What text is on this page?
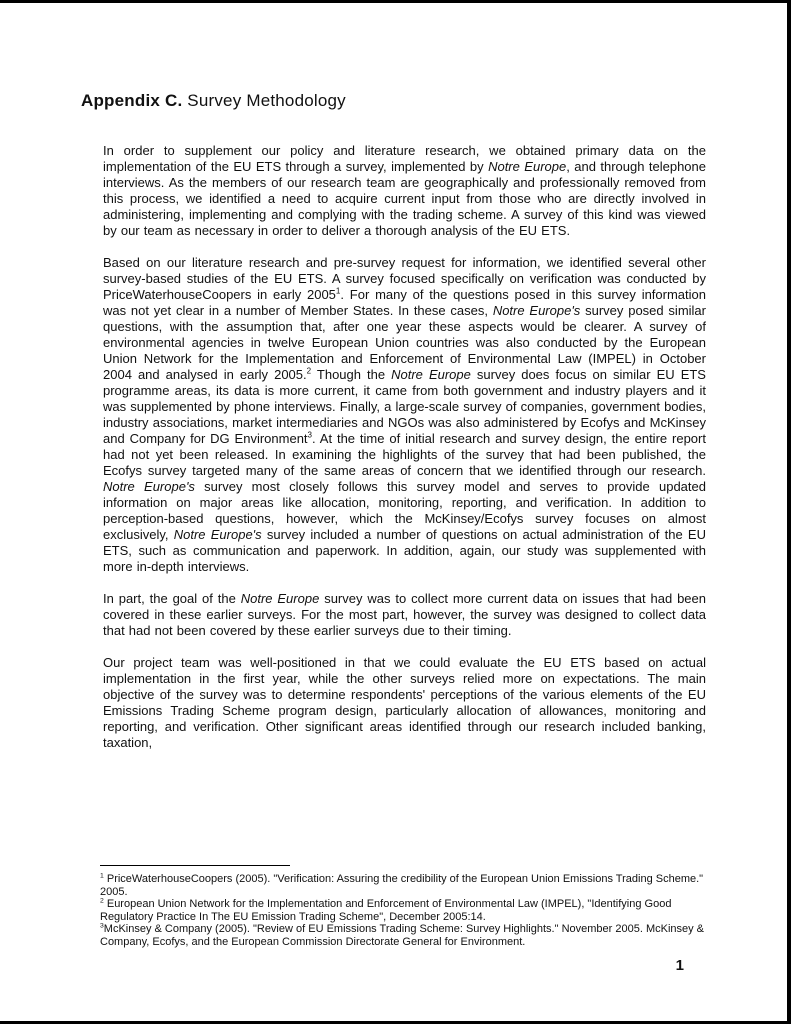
Appendix C. Survey Methodology

In order to supplement our policy and literature research, we obtained primary data on the implementation of the EU ETS through a survey, implemented by Notre Europe, and through telephone interviews. As the members of our research team are geographically and professionally removed from this process, we identified a need to acquire current input from those who are directly involved in administering, implementing and complying with the trading scheme. A survey of this kind was viewed by our team as necessary in order to deliver a thorough analysis of the EU ETS.

Based on our literature research and pre-survey request for information, we identified several other survey-based studies of the EU ETS. A survey focused specifically on verification was conducted by PriceWaterhouseCoopers in early 2005$^1$. For many of the questions posed in this survey information was not yet clear in a number of Member States. In these cases, Notre Europe's survey posed similar questions, with the assumption that, after one year these aspects would be clearer. A survey of environmental agencies in twelve European Union countries was also conducted by the European Union Network for the Implementation and Enforcement of Environmental Law (IMPEL) in October 2004 and analysed in early 2005.$^2$ Though the Notre Europe survey does focus on similar EU ETS programme areas, its data is more current, it came from both government and industry players and it was supplemented by phone interviews. Finally, a large-scale survey of companies, government bodies, industry associations, market intermediaries and NGOs was also administered by Ecofys and McKinsey and Company for DG Environment$^3$. At the time of initial research and survey design, the entire report had not yet been released. In examining the highlights of the survey that had been published, the Ecofys survey targeted many of the same areas of concern that we identified through our research. Notre Europe's survey most closely follows this survey model and serves to provide updated information on major areas like allocation, monitoring, reporting, and verification. In addition to perception-based questions, however, which the McKinsey/Ecofys survey focuses on almost exclusively, Notre Europe's survey included a number of questions on actual administration of the EU ETS, such as communication and paperwork. In addition, again, our study was supplemented with more in-depth interviews.

In part, the goal of the Notre Europe survey was to collect more current data on issues that had been covered in these earlier surveys. For the most part, however, the survey was designed to collect data that had not been covered by these earlier surveys due to their timing.

Our project team was well-positioned in that we could evaluate the EU ETS based on actual implementation in the first year, while the other surveys relied more on expectations. The main objective of the survey was to determine respondents' perceptions of the various elements of the EU Emissions Trading Scheme program design, particularly allocation of allowances, monitoring and reporting, and verification. Other significant areas identified through our research included banking, taxation,

$^1$ PriceWaterhouseCoopers (2005). "Verification: Assuring the credibility of the European Union Emissions Trading Scheme." 2005.
$^2$ European Union Network for the Implementation and Enforcement of Environmental Law (IMPEL), "Identifying Good Regulatory Practice In The EU Emission Trading Scheme", December 2005:14.
$^3$McKinsey & Company (2005). "Review of EU Emissions Trading Scheme: Survey Highlights." November 2005. McKinsey & Company, Ecofys, and the European Commission Directorate General for Environment.
1
